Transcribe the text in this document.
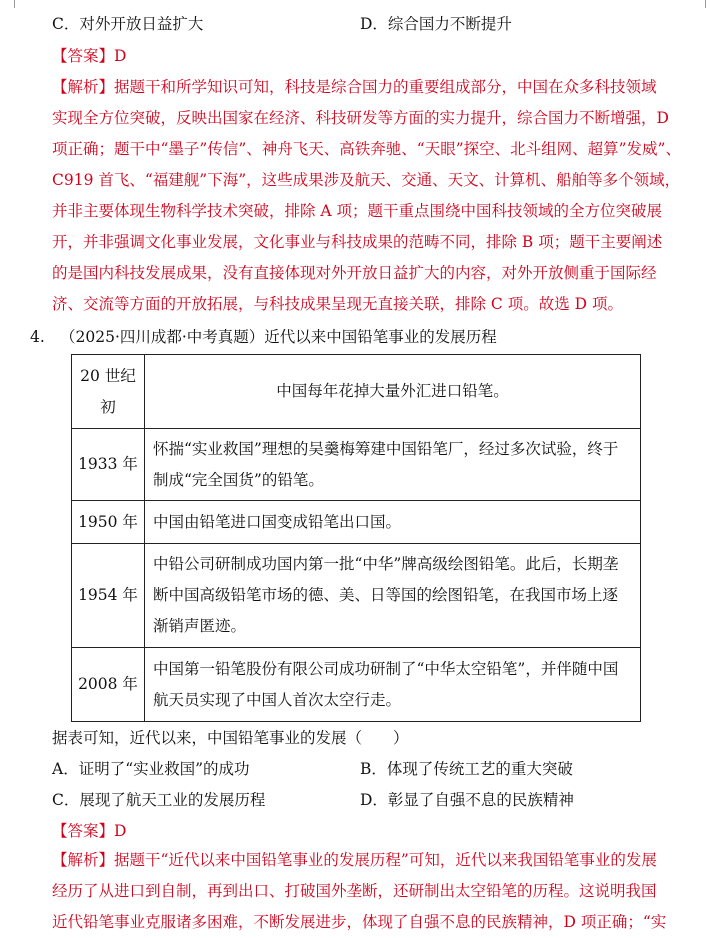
C．对外开放日益扩大	D．综合国力不断提升
【答案】D
【解析】据题干和所学知识可知，科技是综合国力的重要组成部分，中国在众多科技领域
实现全方位突破，反映出国家在经济、科技研发等方面的实力提升，综合国力不断增强，D
项正确；题干中“墨子”传信”、神舟飞天、高铁奔驰、“天眼”探空、北斗组网、超算”发威”、
C919 首飞、“福建舰”下海”，这些成果涉及航天、交通、天文、计算机、船舶等多个领域，
并非主要体现生物科学技术突破，排除 A 项；题干重点围绕中国科技领域的全方位突破展
开，并非强调文化事业发展，文化事业与科技成果的范畴不同，排除 B 项；题干主要阐述
的是国内科技发展成果，没有直接体现对外开放日益扩大的内容，对外开放侧重于国际经
济、交流等方面的开放拓展，与科技成果呈现无直接关联，排除 C 项。故选 D 项。
4. （2025·四川成都·中考真题）近代以来中国铅笔事业的发展历程
20 世纪
初	中国每年花掉大量外汇进口铅笔。

1933 年	怀揣“实业救国”理想的吴羹梅筹建中国铅笔厂，经过多次试验，终于
制成“完全国货”的铅笔。

1950 年	中国由铅笔进口国变成铅笔出口国。

1954 年	中铅公司研制成功国内第一批“中华”牌高级绘图铅笔。此后，长期垄
断中国高级铅笔市场的德、美、日等国的绘图铅笔，在我国市场上逐
渐销声匿迹。

2008 年	中国第一铅笔股份有限公司成功研制了“中华太空铅笔”，并伴随中国
航天员实现了中国人首次太空行走。
据表可知，近代以来，中国铅笔事业的发展（　　）
A．证明了“实业救国”的成功	B．体现了传统工艺的重大突破
C．展现了航天工业的发展历程	D．彰显了自强不息的民族精神
【答案】D
【解析】据题干“近代以来中国铅笔事业的发展历程”可知，近代以来我国铅笔事业的发展
经历了从进口到自制，再到出口、打破国外垄断，还研制出太空铅笔的历程。这说明我国
近代铅笔事业克服诸多困难，不断发展进步，体现了自强不息的民族精神，D 项正确；“实
